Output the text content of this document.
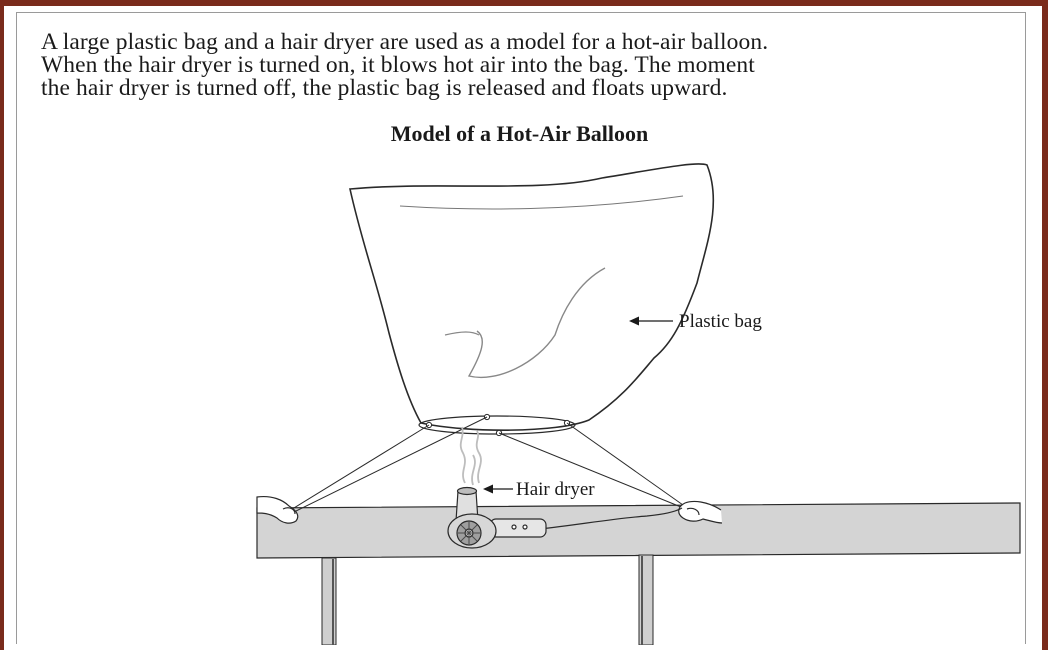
A large plastic bag and a hair dryer are used as a model for a hot-air balloon.
When the hair dryer is turned on, it blows hot air into the bag. The moment
the hair dryer is turned off, the plastic bag is released and floats upward.

Model of a Hot-Air Balloon
Plastic bag
Hair dryer
